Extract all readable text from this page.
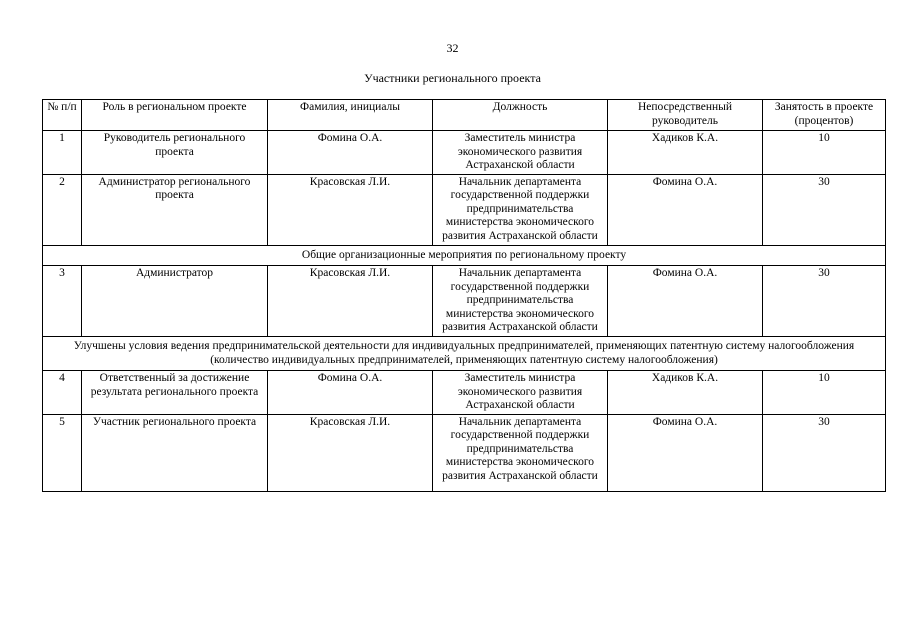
32
Участники регионального проекта
№ п/п	Роль в региональном проекте	Фамилия, инициалы	Должность	Непосредственный руководитель	Занятость в проекте (процентов)
1	Руководитель регионального проекта	Фомина О.А.	Заместитель министра экономического развития Астраханской области	Хадиков К.А.	10
2	Администратор регионального проекта	Красовская Л.И.	Начальник департамента государственной поддержки предпринимательства министерства экономического развития Астраханской области	Фомина О.А.	30
Общие организационные мероприятия по региональному проекту					
3	Администратор	Красовская Л.И.	Начальник департамента государственной поддержки предпринимательства министерства экономического развития Астраханской области	Фомина О.А.	30
Улучшены условия ведения предпринимательской деятельности для индивидуальных предпринимателей, применяющих патентную систему налогообложения (количество индивидуальных предпринимателей, применяющих патентную систему налогообложения)					
4	Ответственный за достижение результата регионального проекта	Фомина О.А.	Заместитель министра экономического развития Астраханской области	Хадиков К.А.	10
5	Участник регионального проекта	Красовская Л.И.	Начальник департамента государственной поддержки предпринимательства министерства экономического развития Астраханской области	Фомина О.А.	30
